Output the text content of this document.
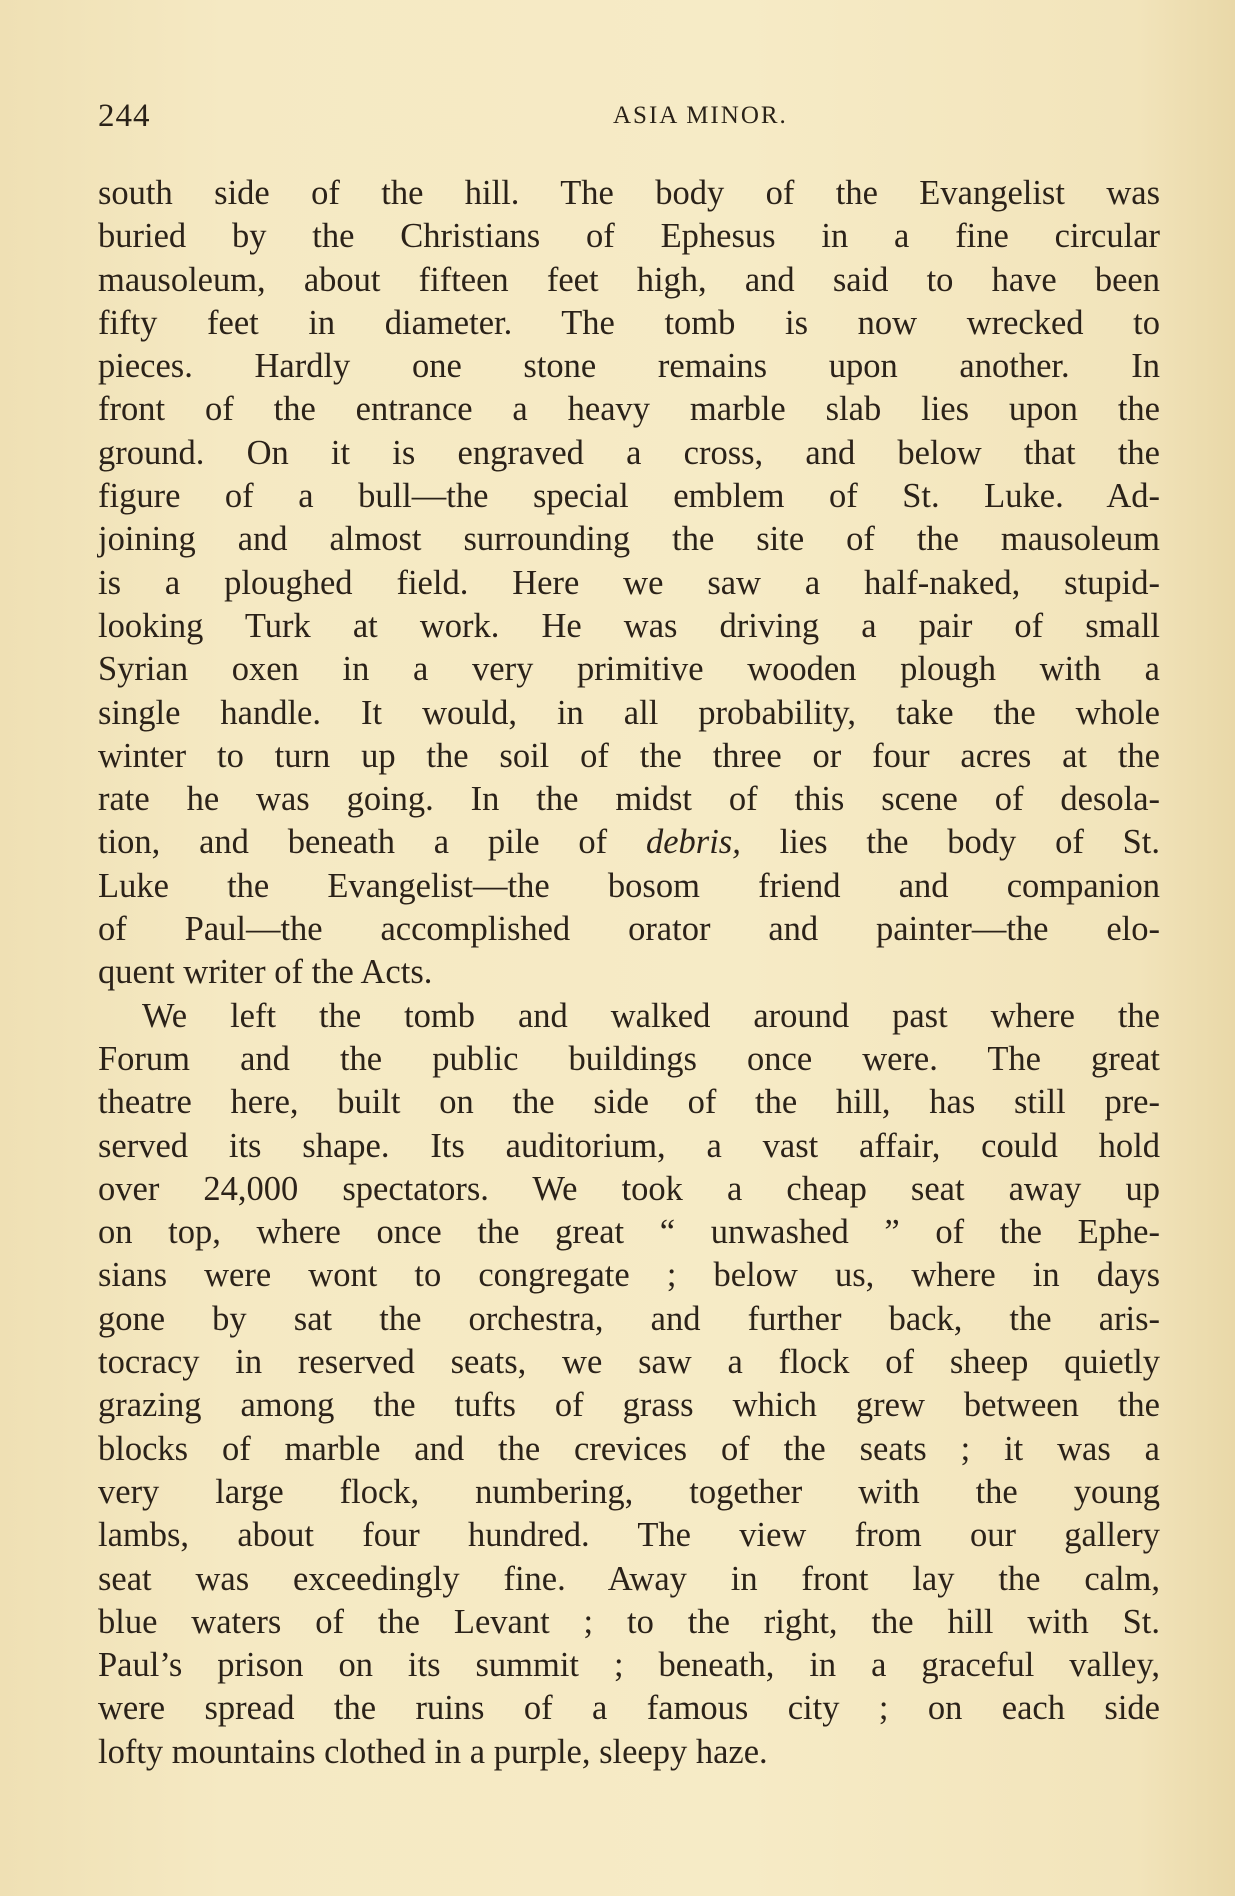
244	ASIA MINOR.
south side of the hill. The body of the Evangelist was
buried by the Christians of Ephesus in a fine circular
mausoleum, about fifteen feet high, and said to have been
fifty feet in diameter. The tomb is now wrecked to
pieces. Hardly one stone remains upon another. In
front of the entrance a heavy marble slab lies upon the
ground. On it is engraved a cross, and below that the
figure of a bull—the special emblem of St. Luke. Ad-
joining and almost surrounding the site of the mausoleum
is a ploughed field. Here we saw a half-naked, stupid-
looking Turk at work. He was driving a pair of small
Syrian oxen in a very primitive wooden plough with a
single handle. It would, in all probability, take the whole
winter to turn up the soil of the three or four acres at the
rate he was going. In the midst of this scene of desola-
tion, and beneath a pile of debris, lies the body of St.
Luke the Evangelist—the bosom friend and companion
of Paul—the accomplished orator and painter—the elo-
quent writer of the Acts.
We left the tomb and walked around past where the
Forum and the public buildings once were. The great
theatre here, built on the side of the hill, has still pre-
served its shape. Its auditorium, a vast affair, could hold
over 24,000 spectators. We took a cheap seat away up
on top, where once the great “ unwashed ” of the Ephe-
sians were wont to congregate ; below us, where in days
gone by sat the orchestra, and further back, the aris-
tocracy in reserved seats, we saw a flock of sheep quietly
grazing among the tufts of grass which grew between the
blocks of marble and the crevices of the seats ; it was a
very large flock, numbering, together with the young
lambs, about four hundred. The view from our gallery
seat was exceedingly fine. Away in front lay the calm,
blue waters of the Levant ; to the right, the hill with St.
Paul’s prison on its summit ; beneath, in a graceful valley,
were spread the ruins of a famous city ; on each side
lofty mountains clothed in a purple, sleepy haze.
